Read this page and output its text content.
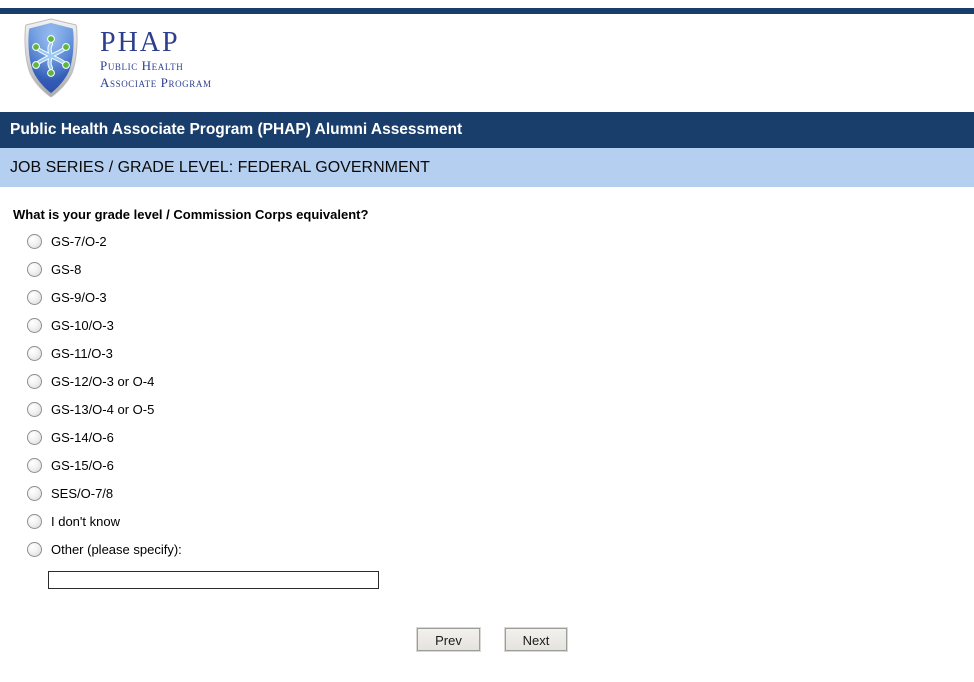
PHAP
Public Health
Associate Program
Public Health Associate Program (PHAP) Alumni Assessment
JOB SERIES / GRADE LEVEL: FEDERAL GOVERNMENT
What is your grade level / Commission Corps equivalent?
GS-7/O-2
GS-8
GS-9/O-3
GS-10/O-3
GS-11/O-3
GS-12/O-3 or O-4
GS-13/O-4 or O-5
GS-14/O-6
GS-15/O-6
SES/O-7/8
I don't know
Other (please specify):
Prev	Next
